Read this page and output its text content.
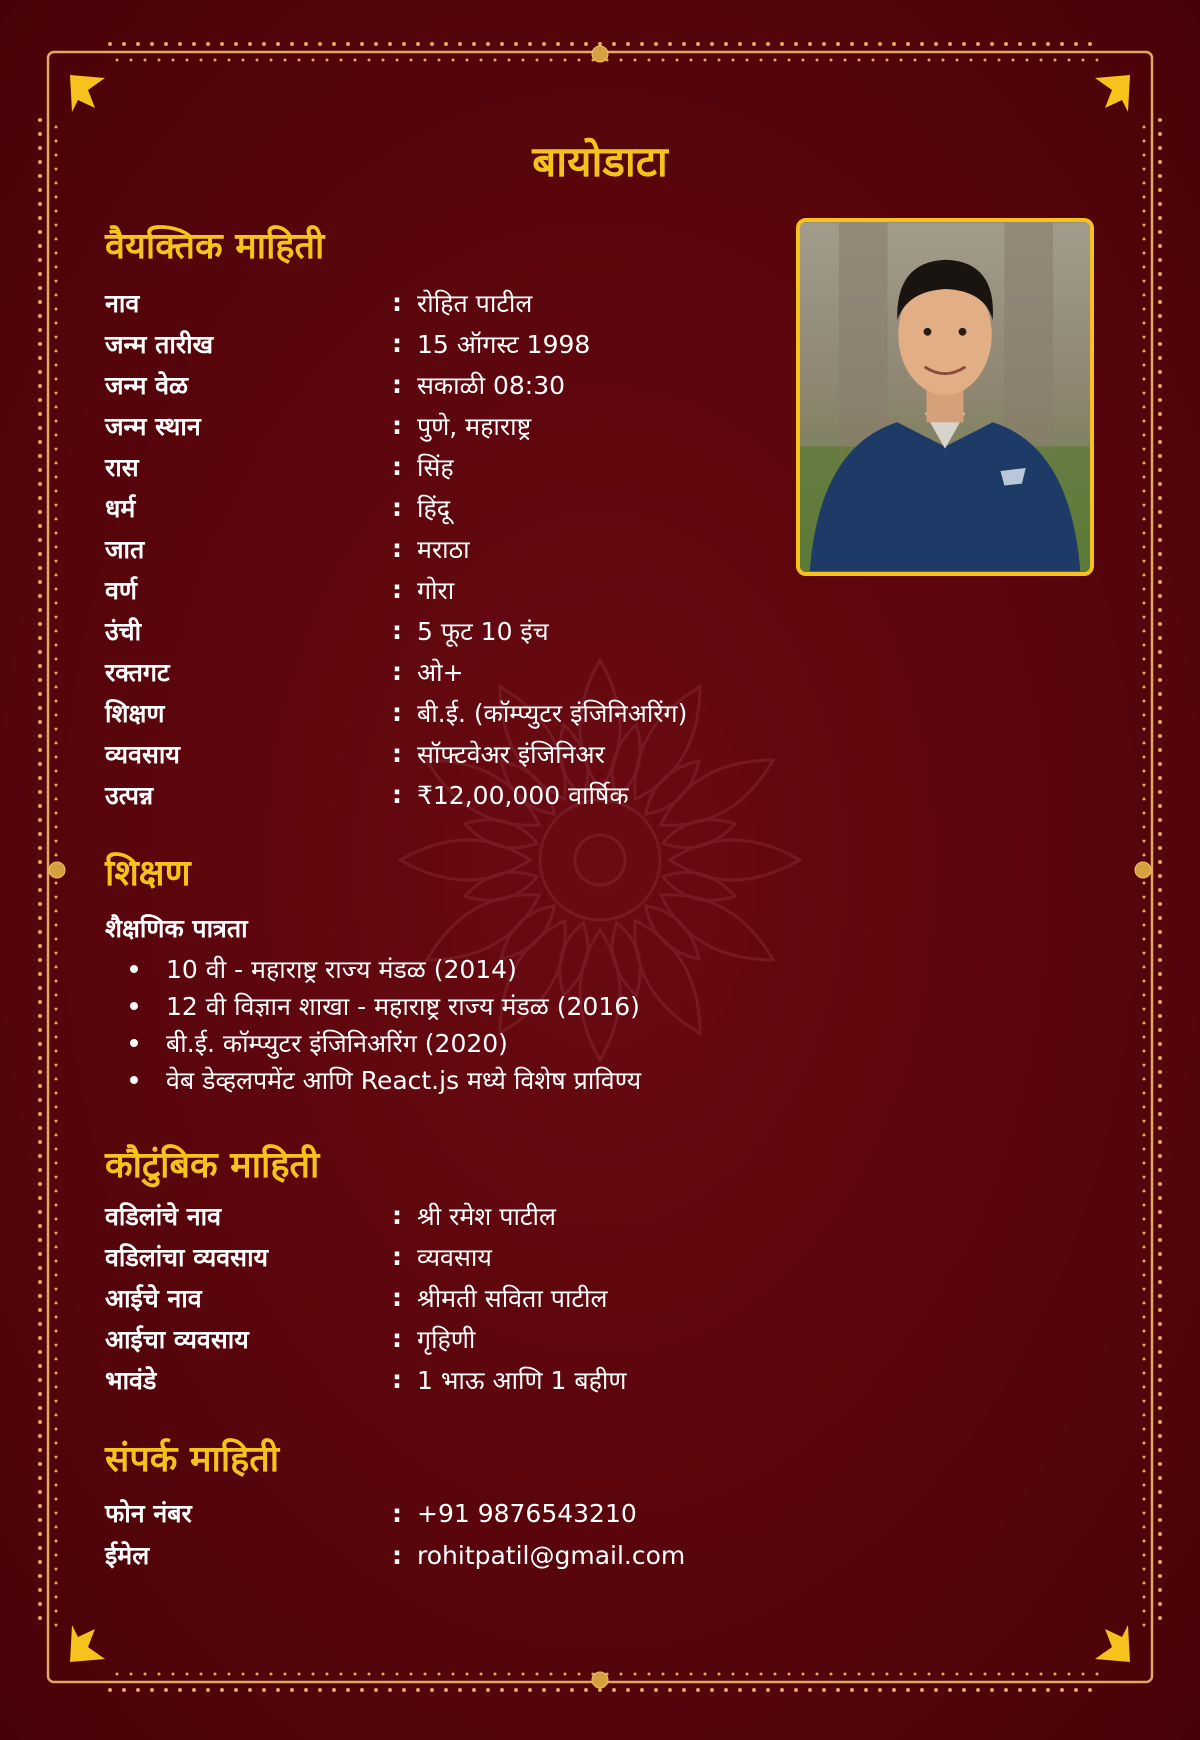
बायोडाटा
वैयक्तिक माहिती
नाव	: रोहित पाटील
जन्म तारीख	: 15 ऑगस्ट 1998
जन्म वेळ	: सकाळी 08:30
जन्म स्थान	: पुणे, महाराष्ट्र
रास	: सिंह
धर्म	: हिंदू
जात	: मराठा
वर्ण	: गोरा
उंची	: 5 फूट 10 इंच
रक्तगट	: ओ+
शिक्षण	: बी.ई. (कॉम्प्युटर इंजिनिअरिंग)
व्यवसाय	: सॉफ्टवेअर इंजिनिअर
उत्पन्न	: ₹12,00,000 वार्षिक
शिक्षण
शैक्षणिक पात्रता
10 वी - महाराष्ट्र राज्य मंडळ (2014)
12 वी विज्ञान शाखा - महाराष्ट्र राज्य मंडळ (2016)
बी.ई. कॉम्प्युटर इंजिनिअरिंग (2020)
वेब डेव्हलपमेंट आणि React.js मध्ये विशेष प्राविण्य
कौटुंबिक माहिती
वडिलांचे नाव	: श्री रमेश पाटील
वडिलांचा व्यवसाय	: व्यवसाय
आईचे नाव	: श्रीमती सविता पाटील
आईचा व्यवसाय	: गृहिणी
भावंडे	: 1 भाऊ आणि 1 बहीण
संपर्क माहिती
फोन नंबर	: +91 9876543210
ईमेल	: rohitpatil@gmail.com
